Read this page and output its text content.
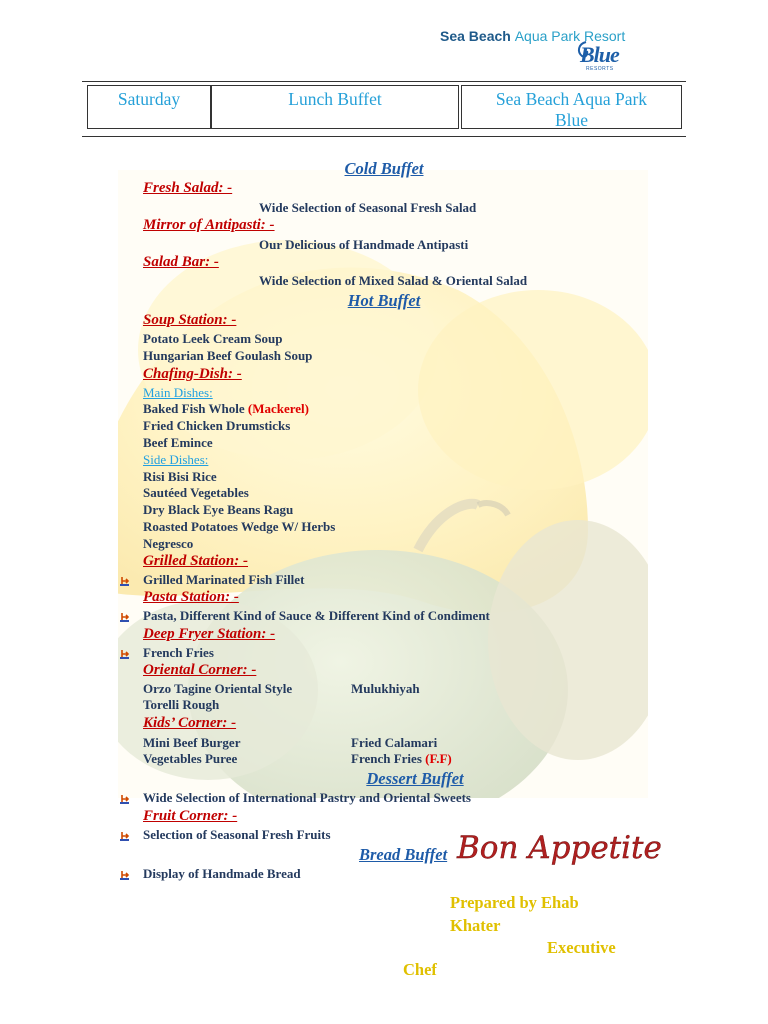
Sea Beach Aqua Park Resort
Blue
RESORTS
Saturday	Lunch Buffet	Sea Beach Aqua Park
Blue
Cold Buffet
Fresh Salad: -
Wide Selection of Seasonal Fresh Salad
Mirror of Antipasti: -
Our Delicious of Handmade Antipasti
Salad Bar: -
Wide Selection of Mixed Salad & Oriental Salad
Hot Buffet
Soup Station: -
Potato Leek Cream Soup
Hungarian Beef Goulash Soup
Chafing-Dish: -
Main Dishes:
Baked Fish Whole (Mackerel)
Fried Chicken Drumsticks
Beef Emince
Side Dishes:
Risi Bisi Rice
Sautéed Vegetables
Dry Black Eye Beans Ragu
Roasted Potatoes Wedge W/ Herbs
Negresco
Grilled Station: -
Grilled Marinated Fish Fillet
Pasta Station: -
Pasta, Different Kind of Sauce & Different Kind of Condiment
Deep Fryer Station: -
French Fries
Oriental Corner: -
Orzo Tagine Oriental Style	Mulukhiyah
Torelli Rough
Kids’ Corner: -
Mini Beef Burger	Fried Calamari
Vegetables Puree	French Fries (F.F)
Dessert Buffet
Wide Selection of International Pastry and Oriental Sweets
Fruit Corner: -
Selection of Seasonal Fresh Fruits
Bread Buffet
Display of Handmade Bread
Bon Appetite
Prepared by Ehab
Khater
Executive
Chef
